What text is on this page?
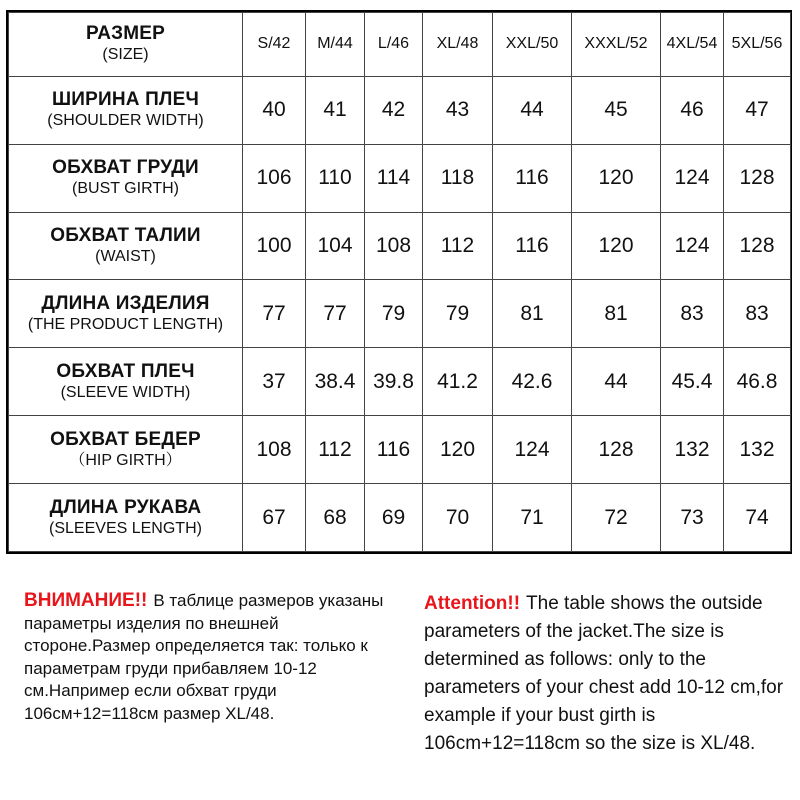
РАЗМЕР
(SIZE)	S/42	M/44	L/46	XL/48	XXL/50	XXXL/52	4XL/54	5XL/56

ШИРИНА ПЛЕЧ
(SHOULDER WIDTH)	40	41	42	43	44	45	46	47

ОБХВАТ ГРУДИ
(BUST GIRTH)	106	110	114	118	116	120	124	128

ОБХВАТ ТАЛИИ
(WAIST)	100	104	108	112	116	120	124	128

ДЛИНА ИЗДЕЛИЯ
(THE PRODUCT LENGTH)	77	77	79	79	81	81	83	83

ОБХВАТ ПЛЕЧ
(SLEEVE WIDTH)	37	38.4	39.8	41.2	42.6	44	45.4	46.8

ОБХВАТ БЕДЕР
（HIP GIRTH）	108	112	116	120	124	128	132	132

ДЛИНА РУКАВА
(SLEEVES LENGTH)	67	68	69	70	71	72	73	74
ВНИМАНИЕ!! В таблице размеров указаны параметры изделия по внешней стороне.Размер определяется так: только к параметрам груди прибавляем 10-12 см.Например если обхват груди 106см+12=118см размер XL/48.
Attention!! The table shows the outside parameters of the jacket.The size is determined as follows: only to the parameters of your chest add 10-12 cm,for example if your bust girth is 106cm+12=118cm so the size is XL/48.
